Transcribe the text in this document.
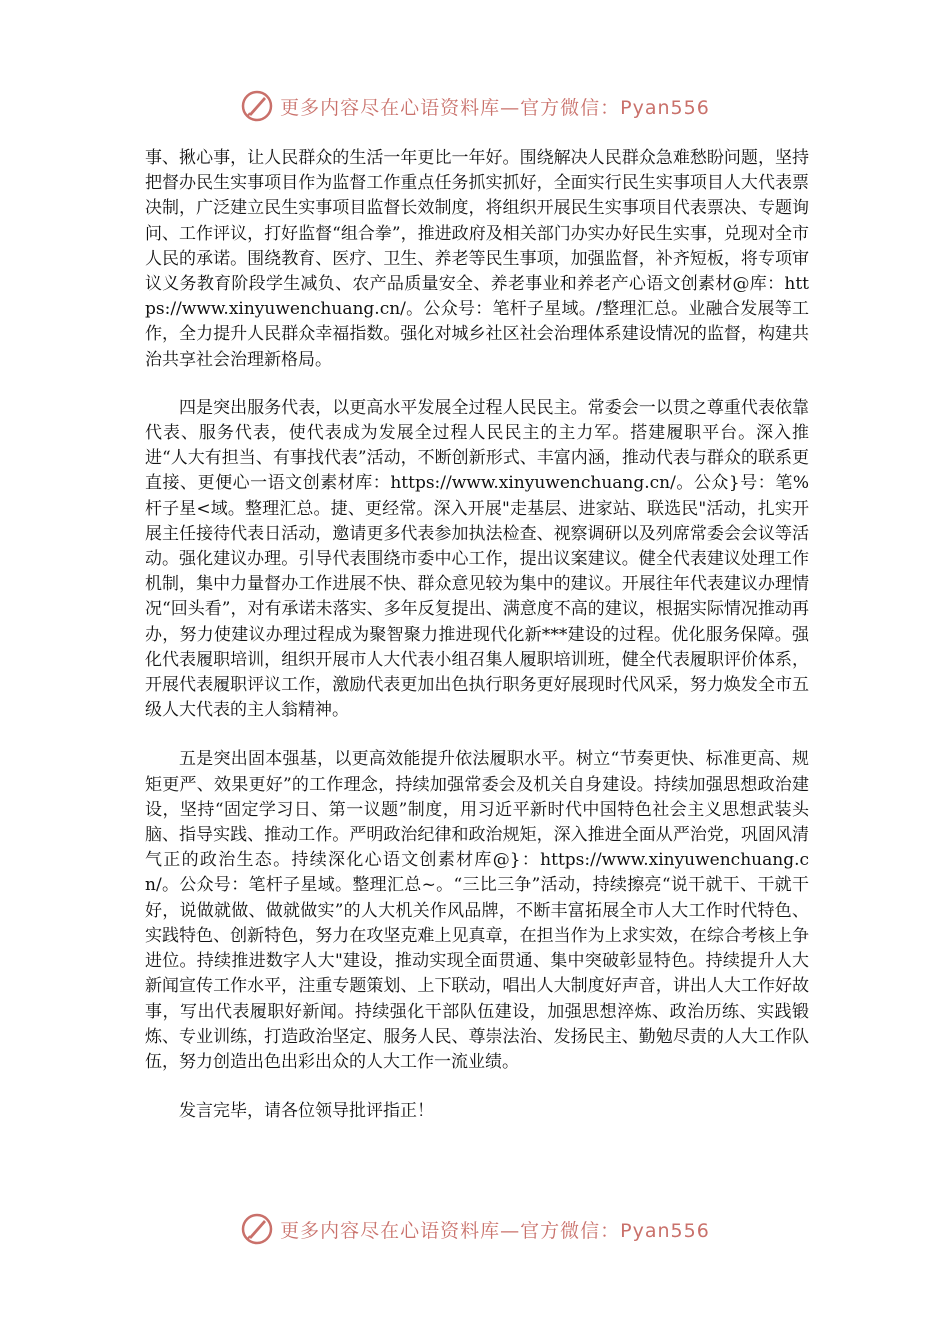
更多内容尽在心语资料库—官方微信：Pyan556

事、揪心事，让人民群众的生活一年更比一年好。围绕解决人民群众急难愁盼问题，坚持把督办民生实事项目作为监督工作重点任务抓实抓好，全面实行民生实事项目人大代表票决制，广泛建立民生实事项目监督长效制度，将组织开展民生实事项目代表票决、专题询问、工作评议，打好监督“组合拳”，推进政府及相关部门办实办好民生实事，兑现对全市人民的承诺。围绕教育、医疗、卫生、养老等民生事项，加强监督，补齐短板，将专项审议义务教育阶段学生减负、农产品质量安全、养老事业和养老产心语文创素材@库：https://www.xinyuwenchuang.cn/。公众号：笔杆子星域。/整理汇总。业融合发展等工作，全力提升人民群众幸福指数。强化对城乡社区社会治理体系建设情况的监督，构建共治共享社会治理新格局。

四是突出服务代表，以更高水平发展全过程人民民主。常委会一以贯之尊重代表依靠代表、服务代表，使代表成为发展全过程人民民主的主力军。搭建履职平台。深入推进“人大有担当、有事找代表”活动，不断创新形式、丰富内涵，推动代表与群众的联系更直接、更便心一语文创素材库：https://www.xinyuwenchuang.cn/。公众}号：笔%杆子星<域。整理汇总。捷、更经常。深入开展"走基层、进家站、联选民"活动，扎实开展主任接待代表日活动，邀请更多代表参加执法检查、视察调研以及列席常委会会议等活动。强化建议办理。引导代表围绕市委中心工作，提出议案建议。健全代表建议处理工作机制，集中力量督办工作进展不快、群众意见较为集中的建议。开展往年代表建议办理情况“回头看”，对有承诺未落实、多年反复提出、满意度不高的建议，根据实际情况推动再办，努力使建议办理过程成为聚智聚力推进现代化新***建设的过程。优化服务保障。强化代表履职培训，组织开展市人大代表小组召集人履职培训班，健全代表履职评价体系，开展代表履职评议工作，激励代表更加出色执行职务更好展现时代风采，努力焕发全市五级人大代表的主人翁精神。

五是突出固本强基，以更高效能提升依法履职水平。树立“节奏更快、标准更高、规矩更严、效果更好”的工作理念，持续加强常委会及机关自身建设。持续加强思想政治建设，坚持“固定学习日、第一议题”制度，用习近平新时代中国特色社会主义思想武装头脑、指导实践、推动工作。严明政治纪律和政治规矩，深入推进全面从严治党，巩固风清气正的政治生态。持续深化心语文创素材库@}：https://www.xinyuwenchuang.cn/。公众号：笔杆子星域。整理汇总~。“三比三争”活动，持续擦亮“说干就干、干就干好，说做就做、做就做实”的人大机关作风品牌，不断丰富拓展全市人大工作时代特色、实践特色、创新特色，努力在攻坚克难上见真章，在担当作为上求实效，在综合考核上争进位。持续推进数字人大"建设，推动实现全面贯通、集中突破彰显特色。持续提升人大新闻宣传工作水平，注重专题策划、上下联动，唱出人大制度好声音，讲出人大工作好故事，写出代表履职好新闻。持续强化干部队伍建设，加强思想淬炼、政治历练、实践锻炼、专业训练，打造政治坚定、服务人民、尊崇法治、发扬民主、勤勉尽责的人大工作队伍，努力创造出色出彩出众的人大工作一流业绩。

发言完毕，请各位领导批评指正！

更多内容尽在心语资料库—官方微信：Pyan556
